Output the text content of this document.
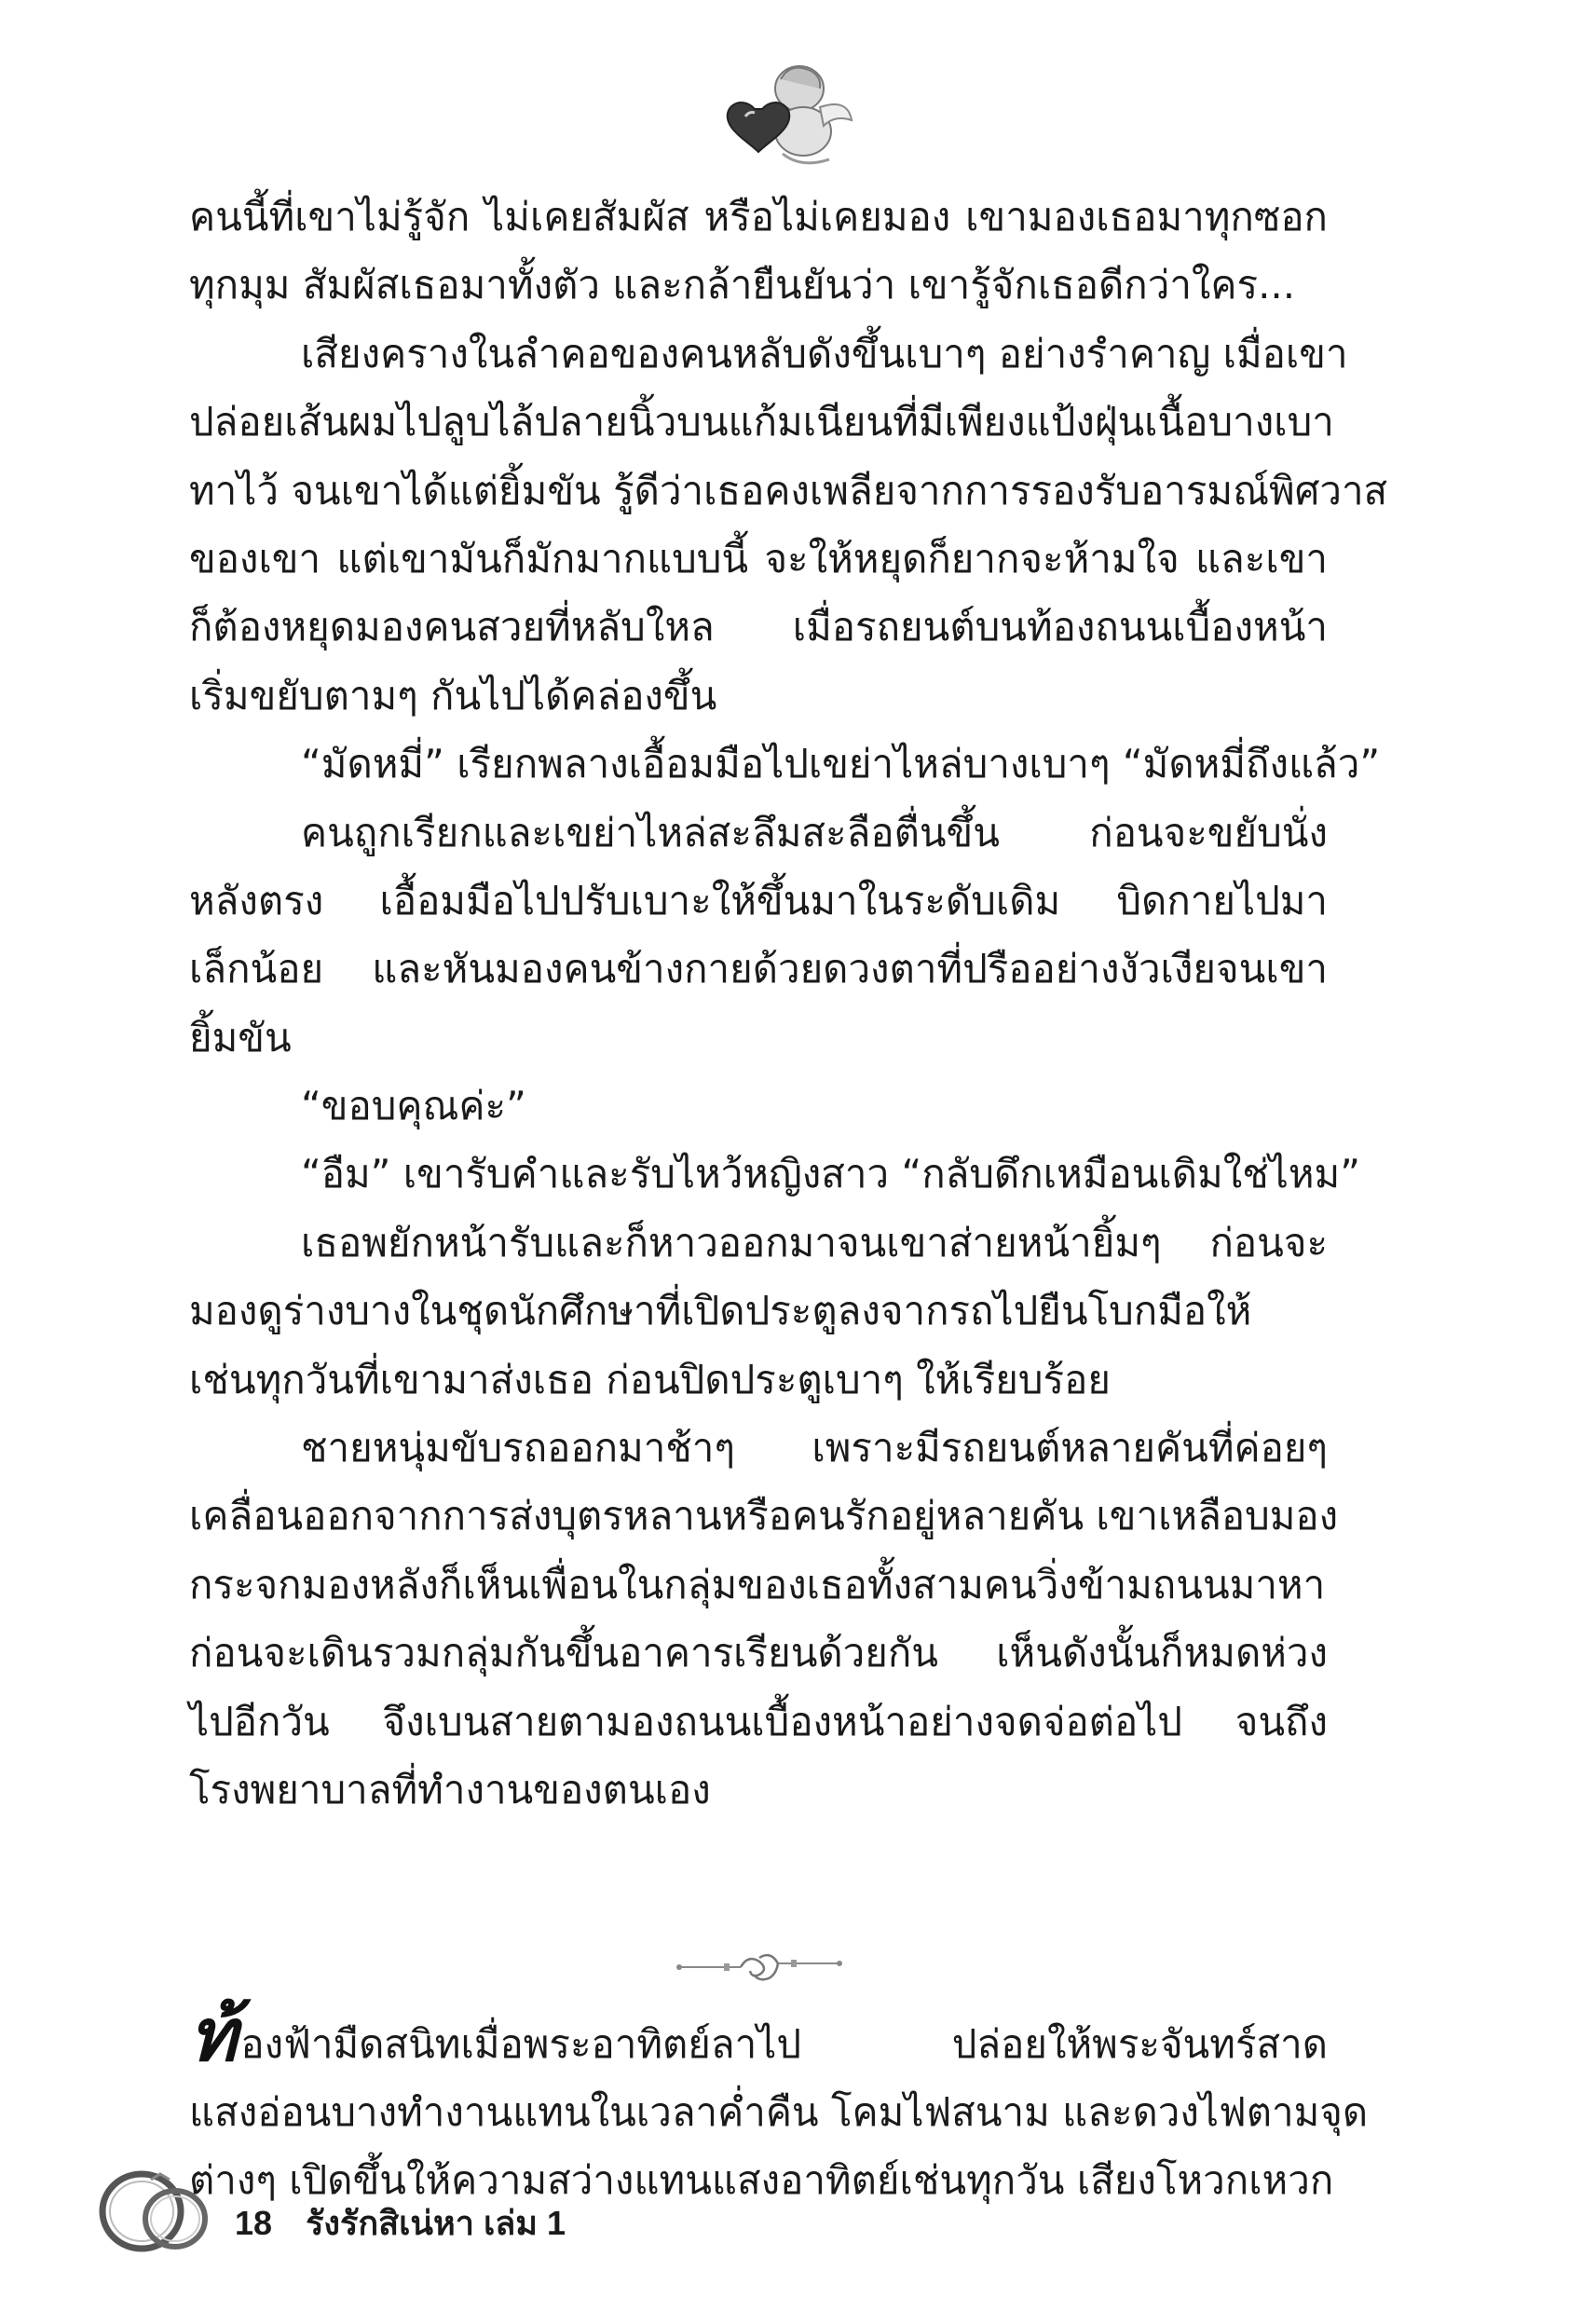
คนนี้ที่เขาไม่รู้จัก ไม่เคยสัมผัส หรือไม่เคยมอง เขามองเธอมาทุกซอก
ทุกมุม สัมผัสเธอมาทั้งตัว และกล้ายืนยันว่า เขารู้จักเธอดีกว่าใคร...
เสียงครางในลำคอของคนหลับดังขึ้นเบาๆ อย่างรำคาญ เมื่อเขา
ปล่อยเส้นผมไปลูบไล้ปลายนิ้วบนแก้มเนียนที่มีเพียงแป้งฝุ่นเนื้อบางเบา
ทาไว้ จนเขาได้แต่ยิ้มขัน รู้ดีว่าเธอคงเพลียจากการรองรับอารมณ์พิศวาส
ของเขา แต่เขามันก็มักมากแบบนี้ จะให้หยุดก็ยากจะห้ามใจ และเขา
ก็ต้องหยุดมองคนสวยที่หลับใหล เมื่อรถยนต์บนท้องถนนเบื้องหน้า
เริ่มขยับตามๆ กันไปได้คล่องขึ้น
“มัดหมี่” เรียกพลางเอื้อมมือไปเขย่าไหล่บางเบาๆ “มัดหมี่ถึงแล้ว”
คนถูกเรียกและเขย่าไหล่สะลึมสะลือตื่นขึ้น ก่อนจะขยับนั่ง
หลังตรง เอื้อมมือไปปรับเบาะให้ขึ้นมาในระดับเดิม บิดกายไปมา
เล็กน้อย และหันมองคนข้างกายด้วยดวงตาที่ปรืออย่างงัวเงียจนเขา
ยิ้มขัน
“ขอบคุณค่ะ”
“อืม” เขารับคำและรับไหว้หญิงสาว “กลับดึกเหมือนเดิมใช่ไหม”
เธอพยักหน้ารับและก็หาวออกมาจนเขาส่ายหน้ายิ้มๆ ก่อนจะ
มองดูร่างบางในชุดนักศึกษาที่เปิดประตูลงจากรถไปยืนโบกมือให้
เช่นทุกวันที่เขามาส่งเธอ ก่อนปิดประตูเบาๆ ให้เรียบร้อย
ชายหนุ่มขับรถออกมาช้าๆ เพราะมีรถยนต์หลายคันที่ค่อยๆ
เคลื่อนออกจากการส่งบุตรหลานหรือคนรักอยู่หลายคัน เขาเหลือบมอง
กระจกมองหลังก็เห็นเพื่อนในกลุ่มของเธอทั้งสามคนวิ่งข้ามถนนมาหา
ก่อนจะเดินรวมกลุ่มกันขึ้นอาคารเรียนด้วยกัน เห็นดังนั้นก็หมดห่วง
ไปอีกวัน จึงเบนสายตามองถนนเบื้องหน้าอย่างจดจ่อต่อไป จนถึง
โรงพยาบาลที่ทำงานของตนเอง
ท้ องฟ้ามืดสนิทเมื่อพระอาทิตย์ลาไป ปล่อยให้พระจันทร์สาด
แสงอ่อนบางทำงานแทนในเวลาค่ำคืน โคมไฟสนาม และดวงไฟตามจุด
ต่างๆ เปิดขึ้นให้ความสว่างแทนแสงอาทิตย์เช่นทุกวัน เสียงโหวกเหวก
18 รังรักสิเน่หา เล่ม 1
